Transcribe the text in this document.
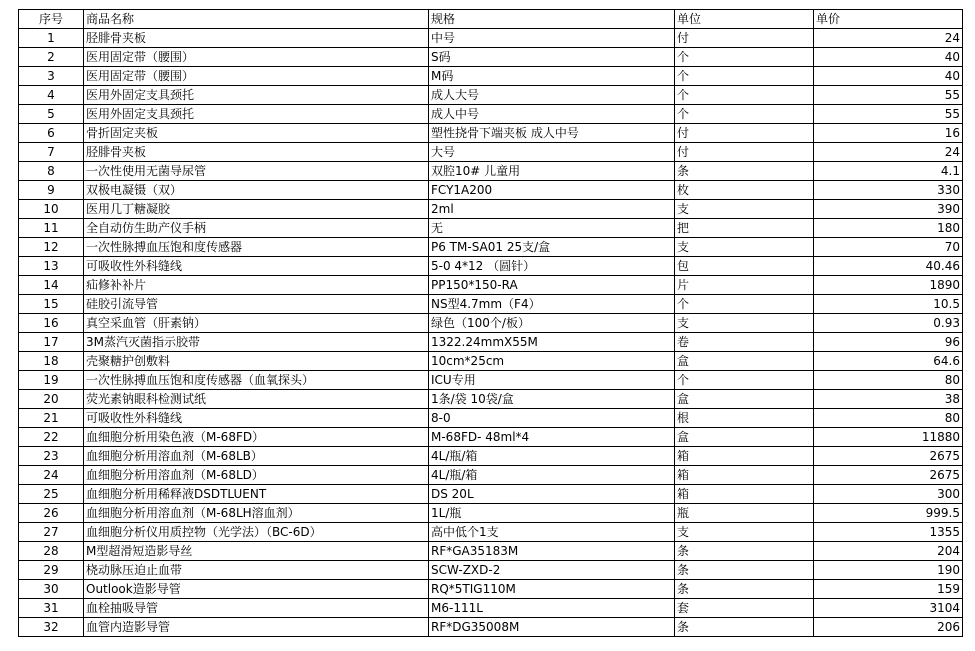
序号	商品名称	规格	单位	单价
1	胫腓骨夹板	中号	付	24
2	医用固定带（腰围）	S码	个	40
3	医用固定带（腰围）	M码	个	40
4	医用外固定支具颈托	成人大号	个	55
5	医用外固定支具颈托	成人中号	个	55
6	骨折固定夹板	塑性挠骨下端夹板 成人中号	付	16
7	胫腓骨夹板	大号	付	24
8	一次性使用无菌导尿管	双腔10# 儿童用	条	4.1
9	双极电凝镊（双）	FCY1A200	枚	330
10	医用几丁糖凝胶	2ml	支	390
11	全自动仿生助产仪手柄	无	把	180
12	一次性脉搏血压饱和度传感器	P6 TM-SA01 25支/盒	支	70
13	可吸收性外科缝线	5-0 4*12 （圆针）	包	40.46
14	疝修补补片	PP150*150-RA	片	1890
15	硅胶引流导管	NS型4.7mm（F4）	个	10.5
16	真空采血管（肝素钠）	绿色（100个/板）	支	0.93
17	3M蒸汽灭菌指示胶带	1322.24mmX55M	卷	96
18	壳聚糖护创敷料	10cm*25cm	盒	64.6
19	一次性脉搏血压饱和度传感器（血氧探头）	ICU专用	个	80
20	荧光素钠眼科检测试纸	1条/袋 10袋/盒	盒	38
21	可吸收性外科缝线	8-0	根	80
22	血细胞分析用染色液（M-68FD）	M-68FD- 48ml*4	盒	11880
23	血细胞分析用溶血剂（M-68LB）	4L/瓶/箱	箱	2675
24	血细胞分析用溶血剂（M-68LD）	4L/瓶/箱	箱	2675
25	血细胞分析用稀释液DSDTLUENT	DS 20L	箱	300
26	血细胞分析用溶血剂（M-68LH溶血剂）	1L/瓶	瓶	999.5
27	血细胞分析仪用质控物（光学法）（BC-6D）	高中低个1支	支	1355
28	M型超滑短造影导丝	RF*GA35183M	条	204
29	桡动脉压迫止血带	SCW-ZXD-2	条	190
30	Outlook造影导管	RQ*5TIG110M	条	159
31	血栓抽吸导管	M6-111L	套	3104
32	血管内造影导管	RF*DG35008M	条	206
